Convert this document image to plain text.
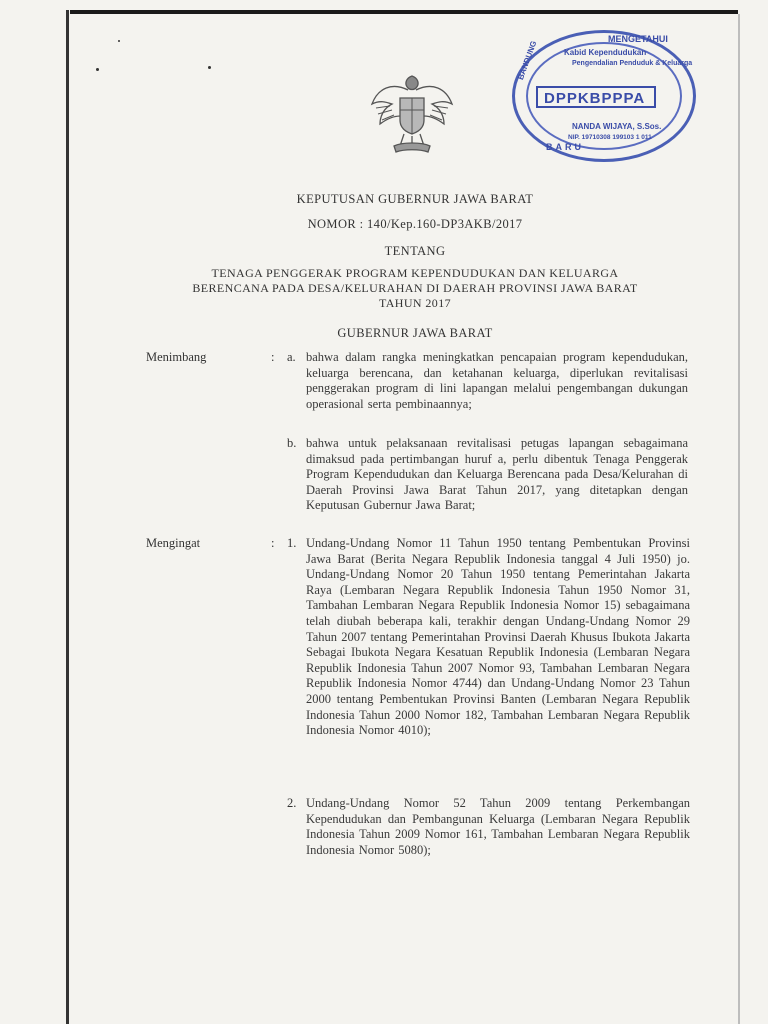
MENGETAHUI
Kabid Kependudukan
Pengendalian Penduduk & Keluarga
BANDUNG
DPPKBPPPA
NANDA WIJAYA, S.Sos.
NIP. 19710308 199103 1 011
BARU
KEPUTUSAN GUBERNUR JAWA BARAT
NOMOR : 140/Kep.160-DP3AKB/2017
TENTANG
TENAGA PENGGERAK PROGRAM KEPENDUDUKAN DAN KELUARGA
BERENCANA PADA DESA/KELURAHAN DI DAERAH PROVINSI JAWA BARAT
TAHUN 2017
GUBERNUR JAWA BARAT
Menimbang	: a. bahwa dalam rangka meningkatkan pencapaian program kependudukan, keluarga berencana, dan ketahanan keluarga, diperlukan revitalisasi penggerakan program di lini lapangan melalui pengembangan dukungan operasional serta pembinaannya;
b. bahwa untuk pelaksanaan revitalisasi petugas lapangan sebagaimana dimaksud pada pertimbangan huruf a, perlu dibentuk Tenaga Penggerak Program Kependudukan dan Keluarga Berencana pada Desa/Kelurahan di Daerah Provinsi Jawa Barat Tahun 2017, yang ditetapkan dengan Keputusan Gubernur Jawa Barat;
Mengingat	: 1. Undang-Undang Nomor 11 Tahun 1950 tentang Pembentukan Provinsi Jawa Barat (Berita Negara Republik Indonesia tanggal 4 Juli 1950) jo. Undang-Undang Nomor 20 Tahun 1950 tentang Pemerintahan Jakarta Raya (Lembaran Negara Republik Indonesia Tahun 1950 Nomor 31, Tambahan Lembaran Negara Republik Indonesia Nomor 15) sebagaimana telah diubah beberapa kali, terakhir dengan Undang-Undang Nomor 29 Tahun 2007 tentang Pemerintahan Provinsi Daerah Khusus Ibukota Jakarta Sebagai Ibukota Negara Kesatuan Republik Indonesia (Lembaran Negara Republik Indonesia Tahun 2007 Nomor 93, Tambahan Lembaran Negara Republik Indonesia Nomor 4744) dan Undang-Undang Nomor 23 Tahun 2000 tentang Pembentukan Provinsi Banten (Lembaran Negara Republik Indonesia Tahun 2000 Nomor 182, Tambahan Lembaran Negara Republik Indonesia Nomor 4010);
2. Undang-Undang Nomor 52 Tahun 2009 tentang Perkembangan Kependudukan dan Pembangunan Keluarga (Lembaran Negara Republik Indonesia Tahun 2009 Nomor 161, Tambahan Lembaran Negara Republik Indonesia Nomor 5080);
